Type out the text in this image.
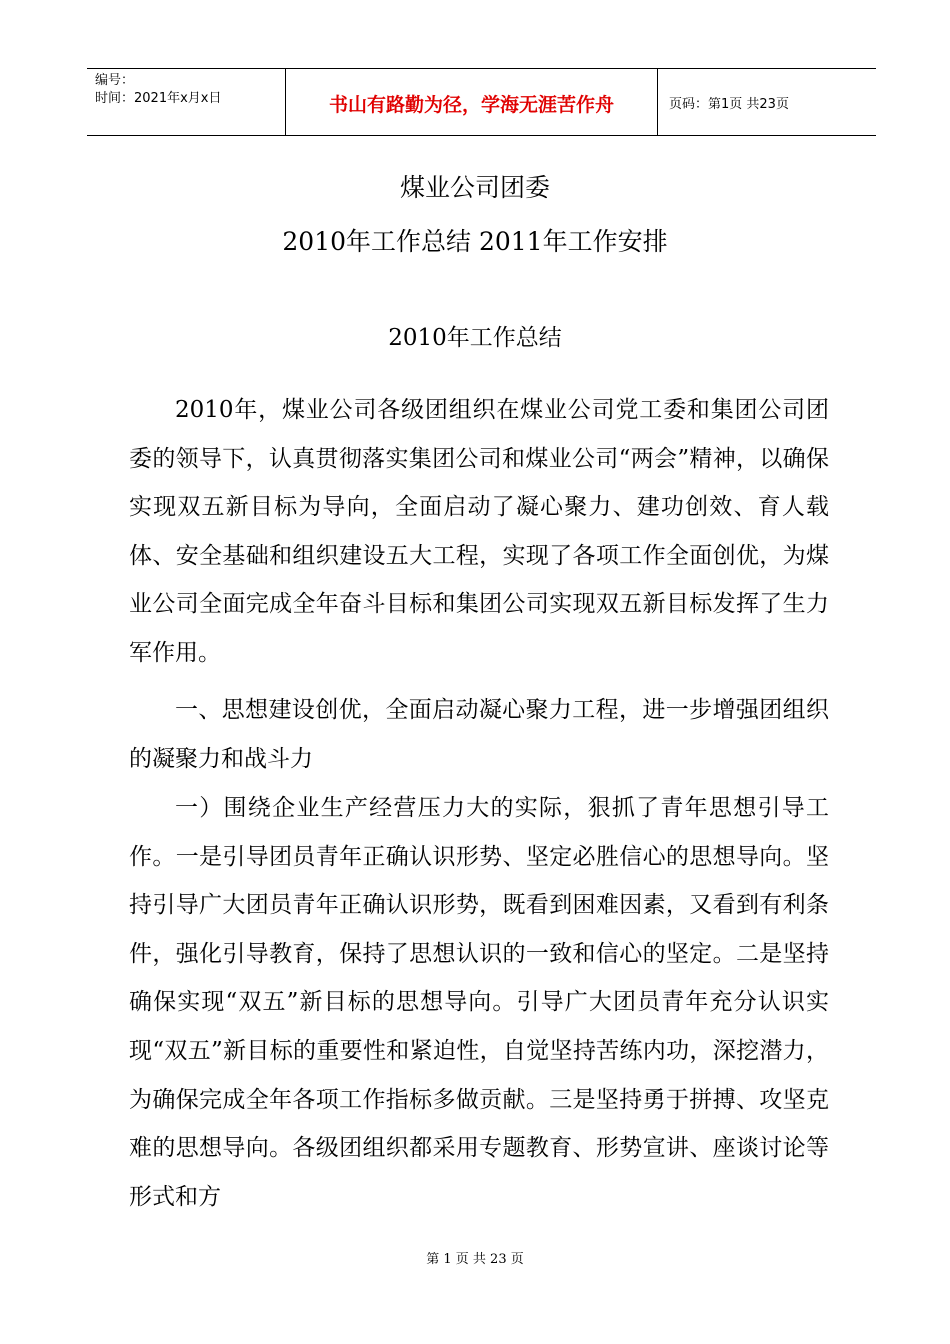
编号：
时间：2021年x月x日	书山有路勤为径，学海无涯苦作舟	页码：第1页 共23页
煤业公司团委
2010年工作总结 2011年工作安排
2010年工作总结

2010年，煤业公司各级团组织在煤业公司党工委和集团公司团委的领导下，认真贯彻落实集团公司和煤业公司“两会”精神，以确保实现双五新目标为导向，全面启动了凝心聚力、建功创效、育人载体、安全基础和组织建设五大工程，实现了各项工作全面创优，为煤业公司全面完成全年奋斗目标和集团公司实现双五新目标发挥了生力军作用。

一、思想建设创优，全面启动凝心聚力工程，进一步增强团组织的凝聚力和战斗力

一）围绕企业生产经营压力大的实际，狠抓了青年思想引导工作。一是引导团员青年正确认识形势、坚定必胜信心的思想导向。坚持引导广大团员青年正确认识形势，既看到困难因素，又看到有利条件，强化引导教育，保持了思想认识的一致和信心的坚定。二是坚持确保实现“双五”新目标的思想导向。引导广大团员青年充分认识实现“双五”新目标的重要性和紧迫性，自觉坚持苦练内功，深挖潜力，为确保完成全年各项工作指标多做贡献。三是坚持勇于拼搏、攻坚克难的思想导向。各级团组织都采用专题教育、形势宣讲、座谈讨论等形式和方

第 1 页 共 23 页
